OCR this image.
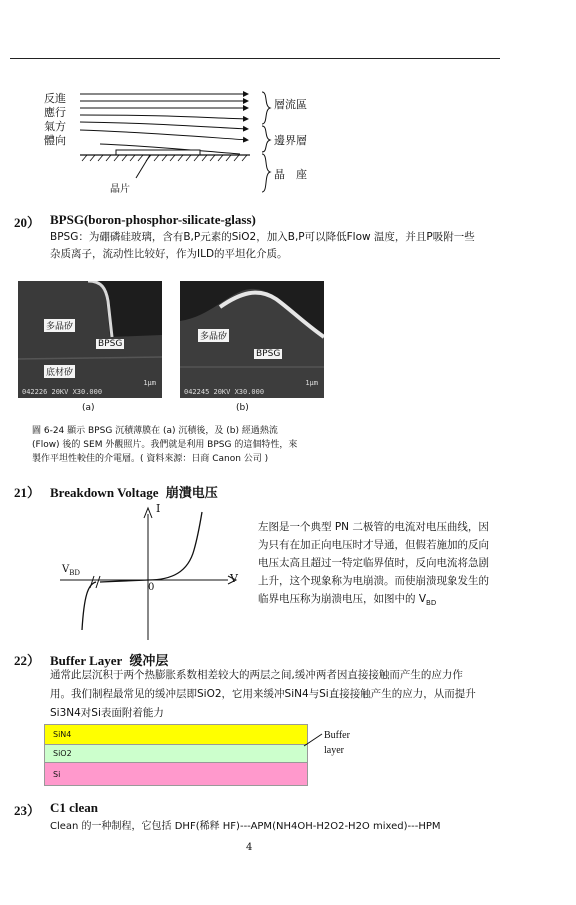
反進
應行
氣方
體向
晶片
層流區
邊界層
晶　座
20） BPSG(boron-phosphor-silicate-glass)
BPSG：为硼磷硅玻璃，含有B,P元素的SiO2，加入B,P可以降低Flow 温度，并且P吸附一些
杂质离子，流动性比较好，作为ILD的平坦化介质。
多晶矽
BPSG
底材矽
1μm
042226 20KV X30.000
多晶矽
BPSG
1μm
042245 20KV X30.000
(a)	(b)
圖 6-24 顯示 BPSG 沉積薄膜在 (a) 沉積後，及 (b) 經過熱流
(Flow) 後的 SEM 外觀照片。我們就是利用 BPSG 的這個特性，來
製作平坦性較佳的介電層。( 資料來源：日商 Canon 公司 )
21） Breakdown Voltage 崩潰电压
I
V
0
$V_{BD}$
左图是一个典型 PN 二极管的电流对电压曲线，因
为只有在加正向电压时才导通，但假若施加的反向
电压太高且超过一特定临界值时，反向电流将急剧
上升，这个现象称为电崩溃。而使崩溃现象发生的
临界电压称为崩溃电压，如图中的 $V_{BD}$
22） Buffer Layer 缓冲层
通常此层沉积于两个热膨胀系数相差较大的两层之间,缓冲两者因直接接触而产生的应力作
用。我们制程最常见的缓冲层即SiO2，它用来缓冲SiN4与Si直接接触产生的应力，从而提升
Si3N4对Si表面附着能力
SiN4
SiO2
Si
Buffer
layer
23） C1 clean
Clean 的一种制程，它包括 DHF(稀释 HF)---APM(NH4OH-H2O2-H2O mixed)---HPM
4
